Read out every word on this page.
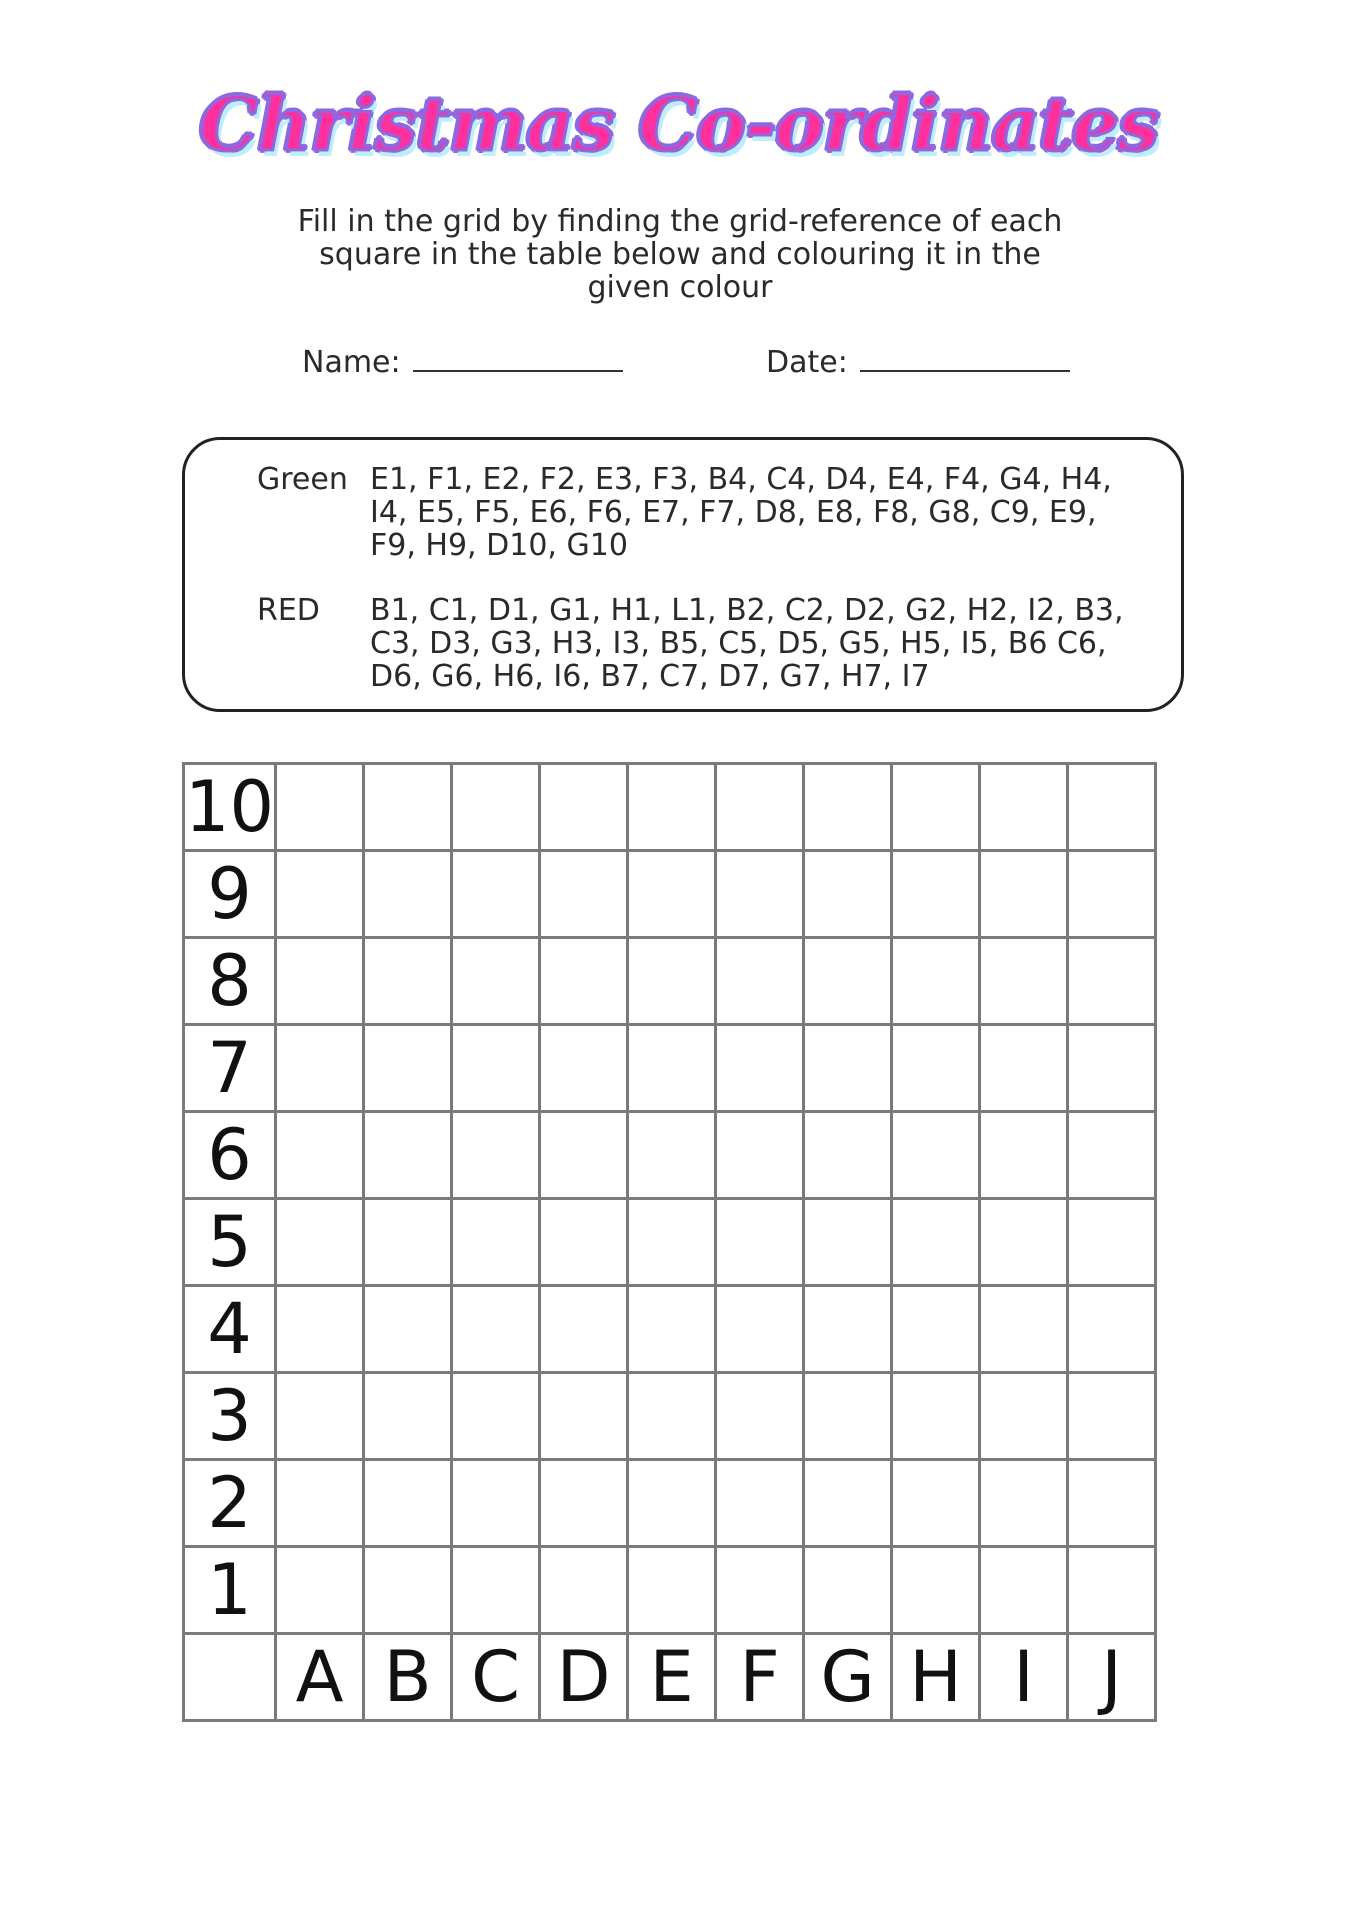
Christmas Co-ordinates
Fill in the grid by finding the grid-reference of each square in the table below and colouring it in the given colour
Name:	Date:
Green E1, F1, E2, F2, E3, F3, B4, C4, D4, E4, F4, G4, H4, I4, E5, F5, E6, F6, E7, F7, D8, E8, F8, G8, C9, E9, F9, H9, D10, G10
RED	B1, C1, D1, G1, H1, L1, B2, C2, D2, G2, H2, I2, B3, C3, D3, G3, H3, I3, B5, C5, D5, G5, H5, I5, B6 C6, D6, G6, H6, I6, B7, C7, D7, G7, H7, I7
10										
9										
8										
7										
6										
5										
4										
3										
2										
1										
	A	B	C	D	E	F	G	H	I	J
